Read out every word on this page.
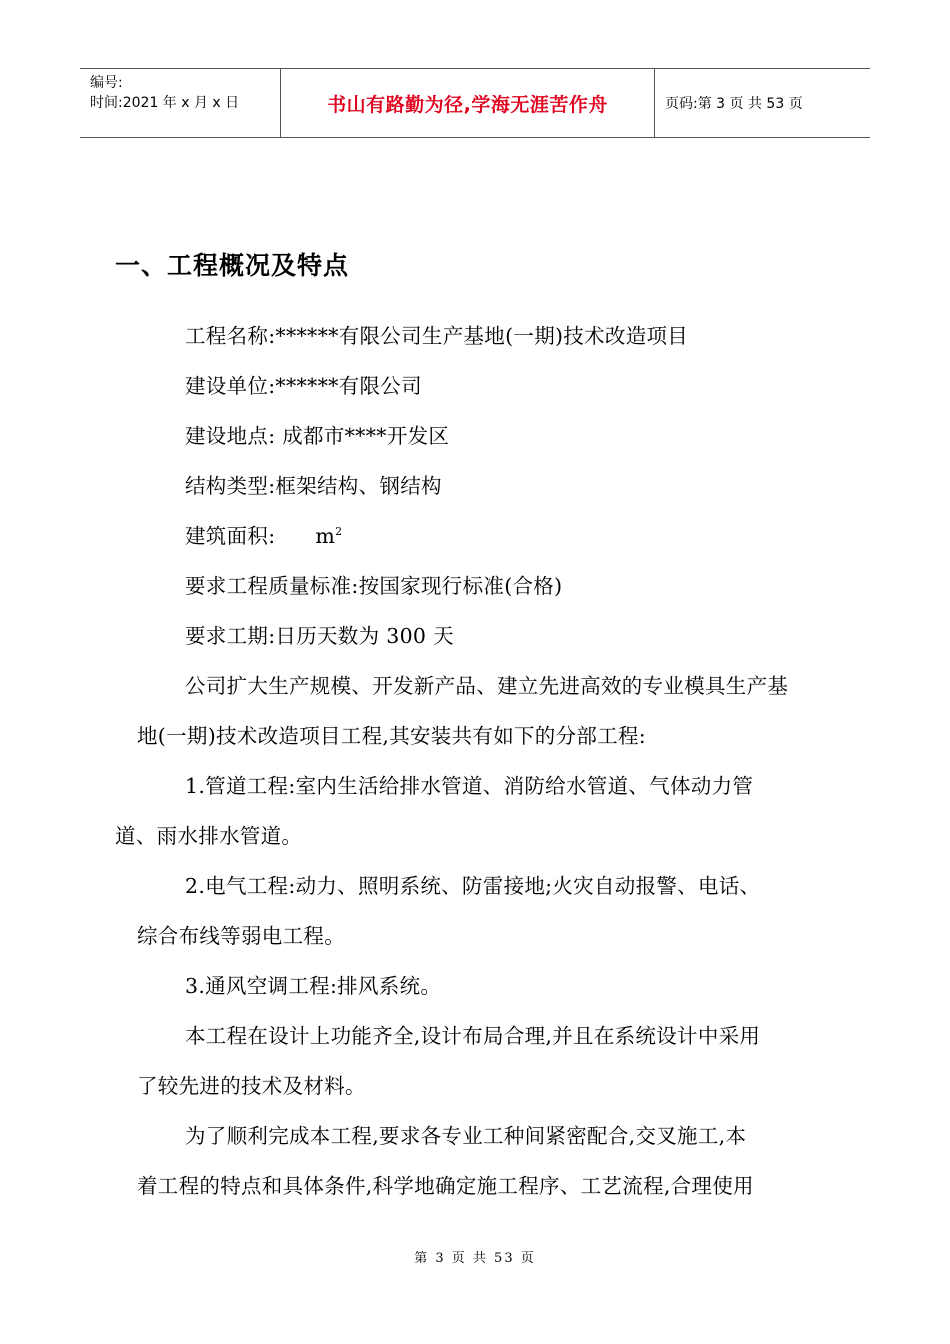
编号:
时间:2021 年 x 月 x 日	书山有路勤为径,学海无涯苦作舟	页码:第 3 页 共 53 页
一、工程概况及特点
工程名称:******有限公司生产基地(一期)技术改造项目
建设单位:******有限公司
建设地点: 成都市****开发区
结构类型:框架结构、钢结构
建筑面积: $m^2$
要求工程质量标准:按国家现行标准(合格)
要求工期:日历天数为 300 天
公司扩大生产规模、开发新产品、建立先进高效的专业模具生产基
地(一期)技术改造项目工程,其安装共有如下的分部工程:
1.管道工程:室内生活给排水管道、消防给水管道、气体动力管
道、雨水排水管道。
2.电气工程:动力、照明系统、防雷接地;火灾自动报警、电话、
综合布线等弱电工程。
3.通风空调工程:排风系统。
本工程在设计上功能齐全,设计布局合理,并且在系统设计中采用
了较先进的技术及材料。
为了顺利完成本工程,要求各专业工种间紧密配合,交叉施工,本
着工程的特点和具体条件,科学地确定施工程序、工艺流程,合理使用
第 3 页 共 53 页
